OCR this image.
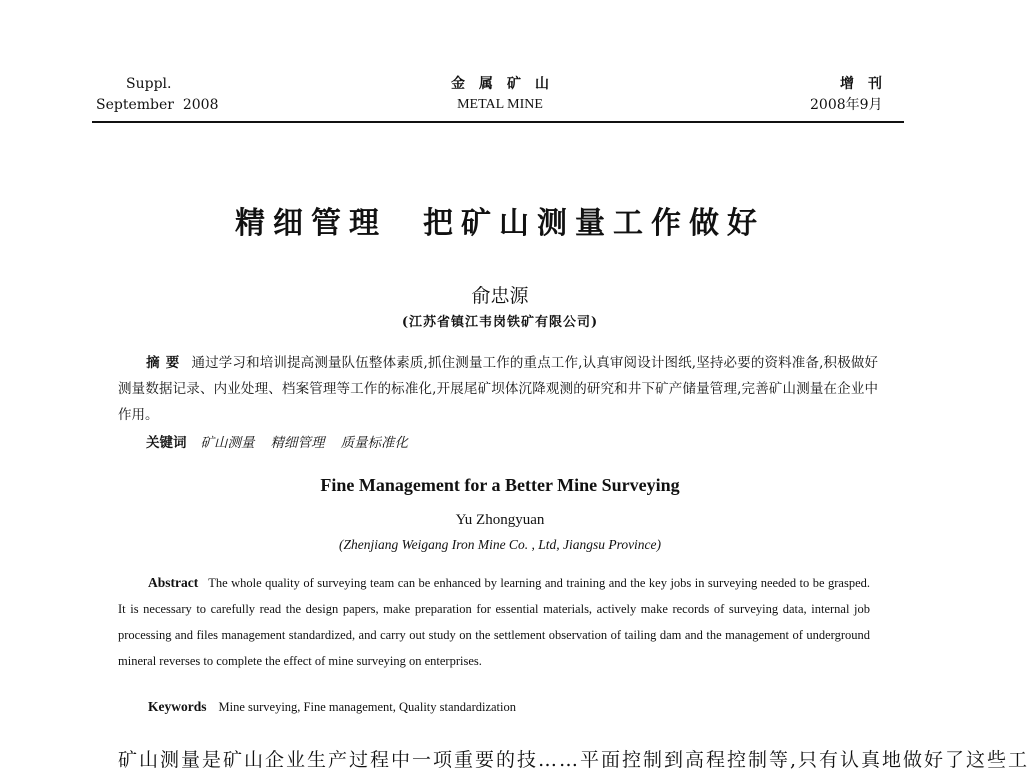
Suppl.
September  2008
金　属　矿　山
METAL MINE
增　刊
2008年9月
精细管理 把矿山测量工作做好
俞忠源
(江苏省镇江韦岗铁矿有限公司)
摘要 通过学习和培训提高测量队伍整体素质,抓住测量工作的重点工作,认真审阅设计图纸,坚持必要的资料准备,积极做好测量数据记录、内业处理、档案管理等工作的标准化,开展尾矿坝体沉降观测的研究和井下矿产储量管理,完善矿山测量在企业中作用。
关键词 矿山测量 精细管理 质量标准化
Fine Management for a Better Mine Surveying
Yu Zhongyuan
(Zhenjiang Weigang Iron Mine Co. , Ltd, Jiangsu Province)
Abstract The whole quality of surveying team can be enhanced by learning and training and the key jobs in surveying needed to be grasped. It is necessary to carefully read the design papers, make preparation for essential materials, actively make records of surveying data, internal job processing and files management standardized, and carry out study on the settlement observation of tailing dam and the management of underground mineral reverses to complete the effect of mine surveying on enterprises.
Keywords Mine surveying, Fine management, Quality standardization
矿山测量是矿山企业生产过程中一项重要的技……平面控制到高程控制等,只有认真地做好了这些工
